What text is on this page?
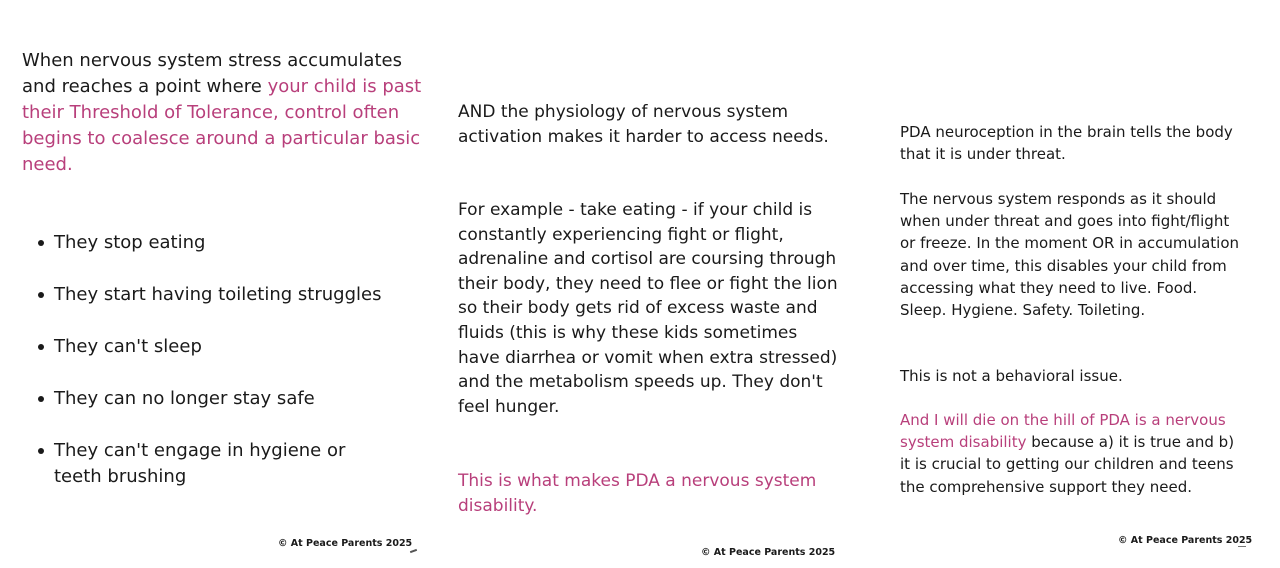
When nervous system stress accumulates and reaches a point where your child is past their Threshold of Tolerance, control often begins to coalesce around a particular basic need.

They stop eating
They start having toileting struggles
They can't sleep
They can no longer stay safe
They can't engage in hygiene or teeth brushing

© At Peace Parents 2025

AND the physiology of nervous system activation makes it harder to access needs.

For example - take eating - if your child is constantly experiencing fight or flight, adrenaline and cortisol are coursing through their body, they need to flee or fight the lion so their body gets rid of excess waste and fluids (this is why these kids sometimes have diarrhea or vomit when extra stressed) and the metabolism speeds up. They don't feel hunger.

This is what makes PDA a nervous system disability.

© At Peace Parents 2025

PDA neuroception in the brain tells the body that it is under threat.

The nervous system responds as it should when under threat and goes into fight/flight or freeze. In the moment OR in accumulation and over time, this disables your child from accessing what they need to live. Food. Sleep. Hygiene. Safety. Toileting.

This is not a behavioral issue.

And I will die on the hill of PDA is a nervous system disability because a) it is true and b) it is crucial to getting our children and teens the comprehensive support they need.

© At Peace Parents 2025
